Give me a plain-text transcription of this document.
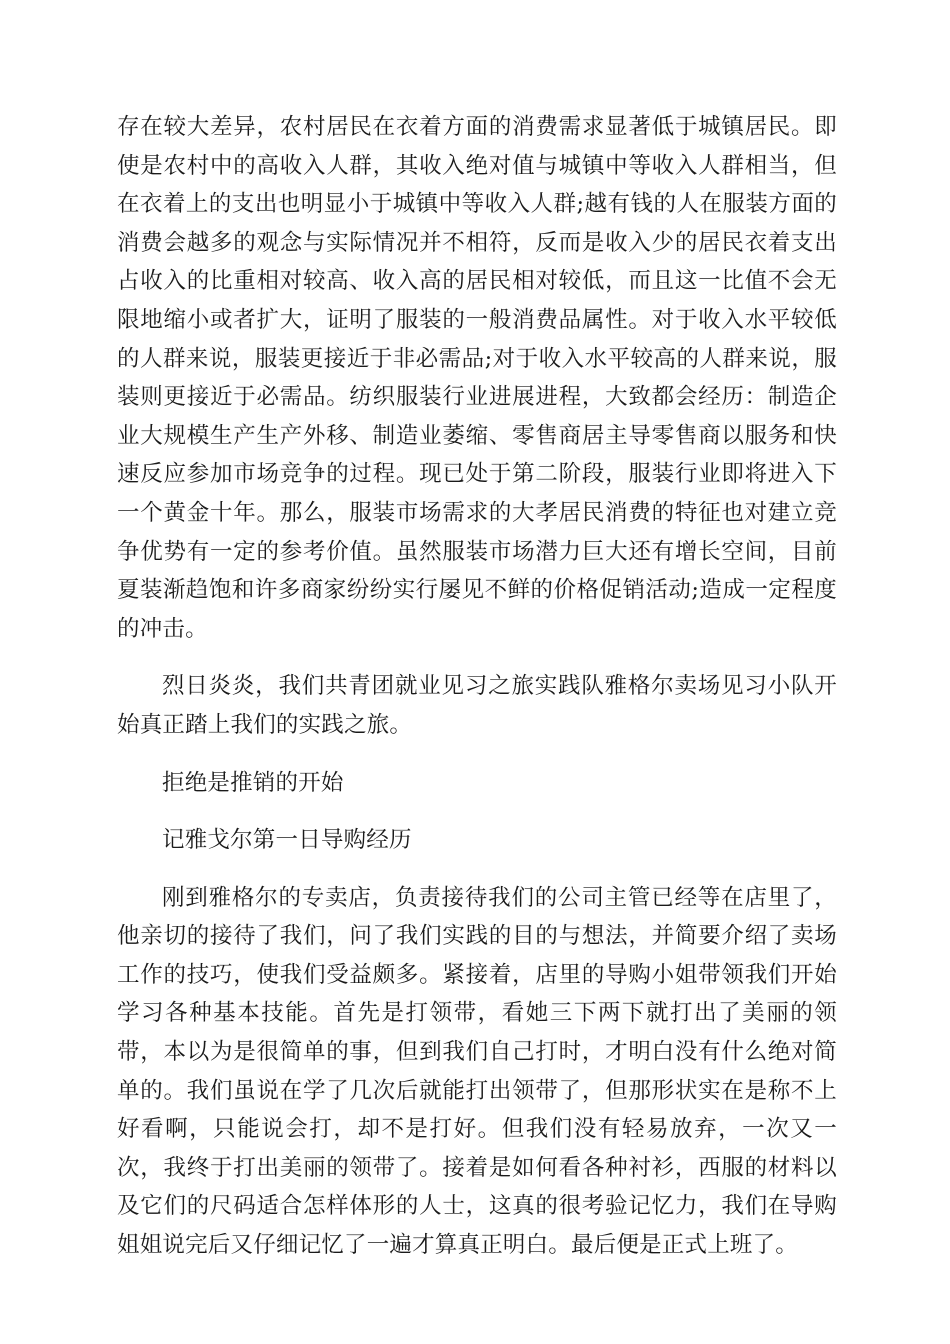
存在较大差异，农村居民在衣着方面的消费需求显著低于城镇居民。即使是农村中的高收入人群，其收入绝对值与城镇中等收入人群相当，但在衣着上的支出也明显小于城镇中等收入人群;越有钱的人在服装方面的消费会越多的观念与实际情况并不相符，反而是收入少的居民衣着支出占收入的比重相对较高、收入高的居民相对较低，而且这一比值不会无限地缩小或者扩大，证明了服装的一般消费品属性。对于收入水平较低的人群来说，服装更接近于非必需品;对于收入水平较高的人群来说，服装则更接近于必需品。纺织服装行业进展进程，大致都会经历：制造企业大规模生产生产外移、制造业萎缩、零售商居主导零售商以服务和快速反应参加市场竞争的过程。现已处于第二阶段，服装行业即将进入下一个黄金十年。那么，服装市场需求的大孝居民消费的特征也对建立竞争优势有一定的参考价值。虽然服装市场潜力巨大还有增长空间，目前夏装渐趋饱和许多商家纷纷实行屡见不鲜的价格促销活动;造成一定程度的冲击。

烈日炎炎，我们共青团就业见习之旅实践队雅格尔卖场见习小队开始真正踏上我们的实践之旅。

拒绝是推销的开始

记雅戈尔第一日导购经历

刚到雅格尔的专卖店，负责接待我们的公司主管已经等在店里了，他亲切的接待了我们，问了我们实践的目的与想法，并简要介绍了卖场工作的技巧，使我们受益颇多。紧接着，店里的导购小姐带领我们开始学习各种基本技能。首先是打领带，看她三下两下就打出了美丽的领带，本以为是很简单的事，但到我们自己打时，才明白没有什么绝对简单的。我们虽说在学了几次后就能打出领带了，但那形状实在是称不上好看啊，只能说会打，却不是打好。但我们没有轻易放弃，一次又一次，我终于打出美丽的领带了。接着是如何看各种衬衫，西服的材料以及它们的尺码适合怎样体形的人士，这真的很考验记忆力，我们在导购姐姐说完后又仔细记忆了一遍才算真正明白。最后便是正式上班了。
